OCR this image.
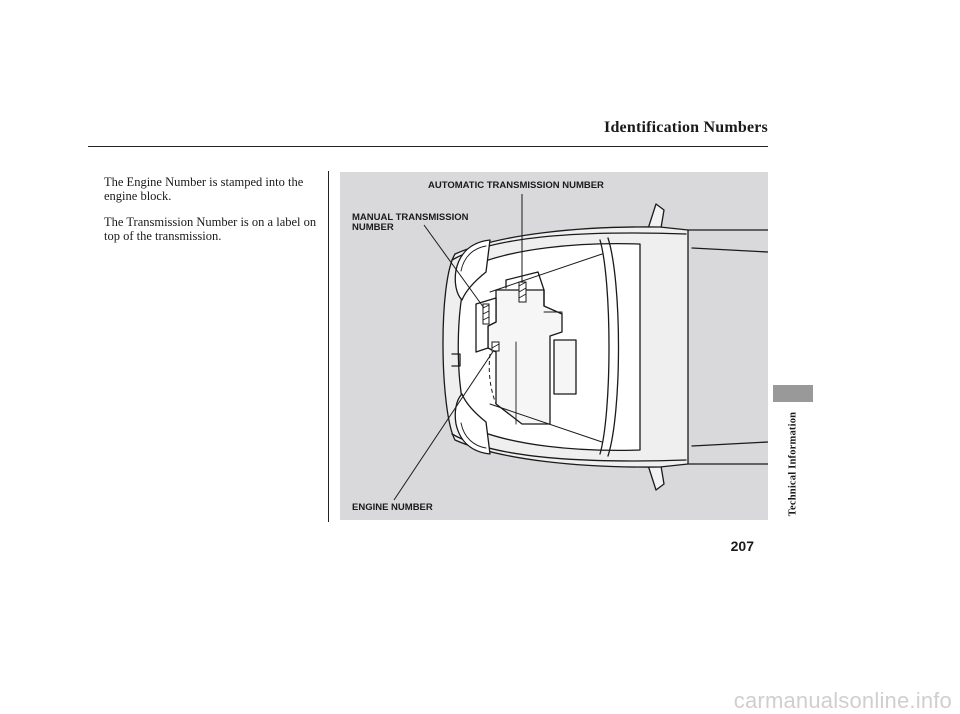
Identification Numbers

The Engine Number is stamped into the engine block.

The Transmission Number is on a label on top of the transmission.

AUTOMATIC TRANSMISSION NUMBER

MANUAL TRANSMISSION NUMBER

ENGINE NUMBER	Technical Information
207
carmanualsonline.info
